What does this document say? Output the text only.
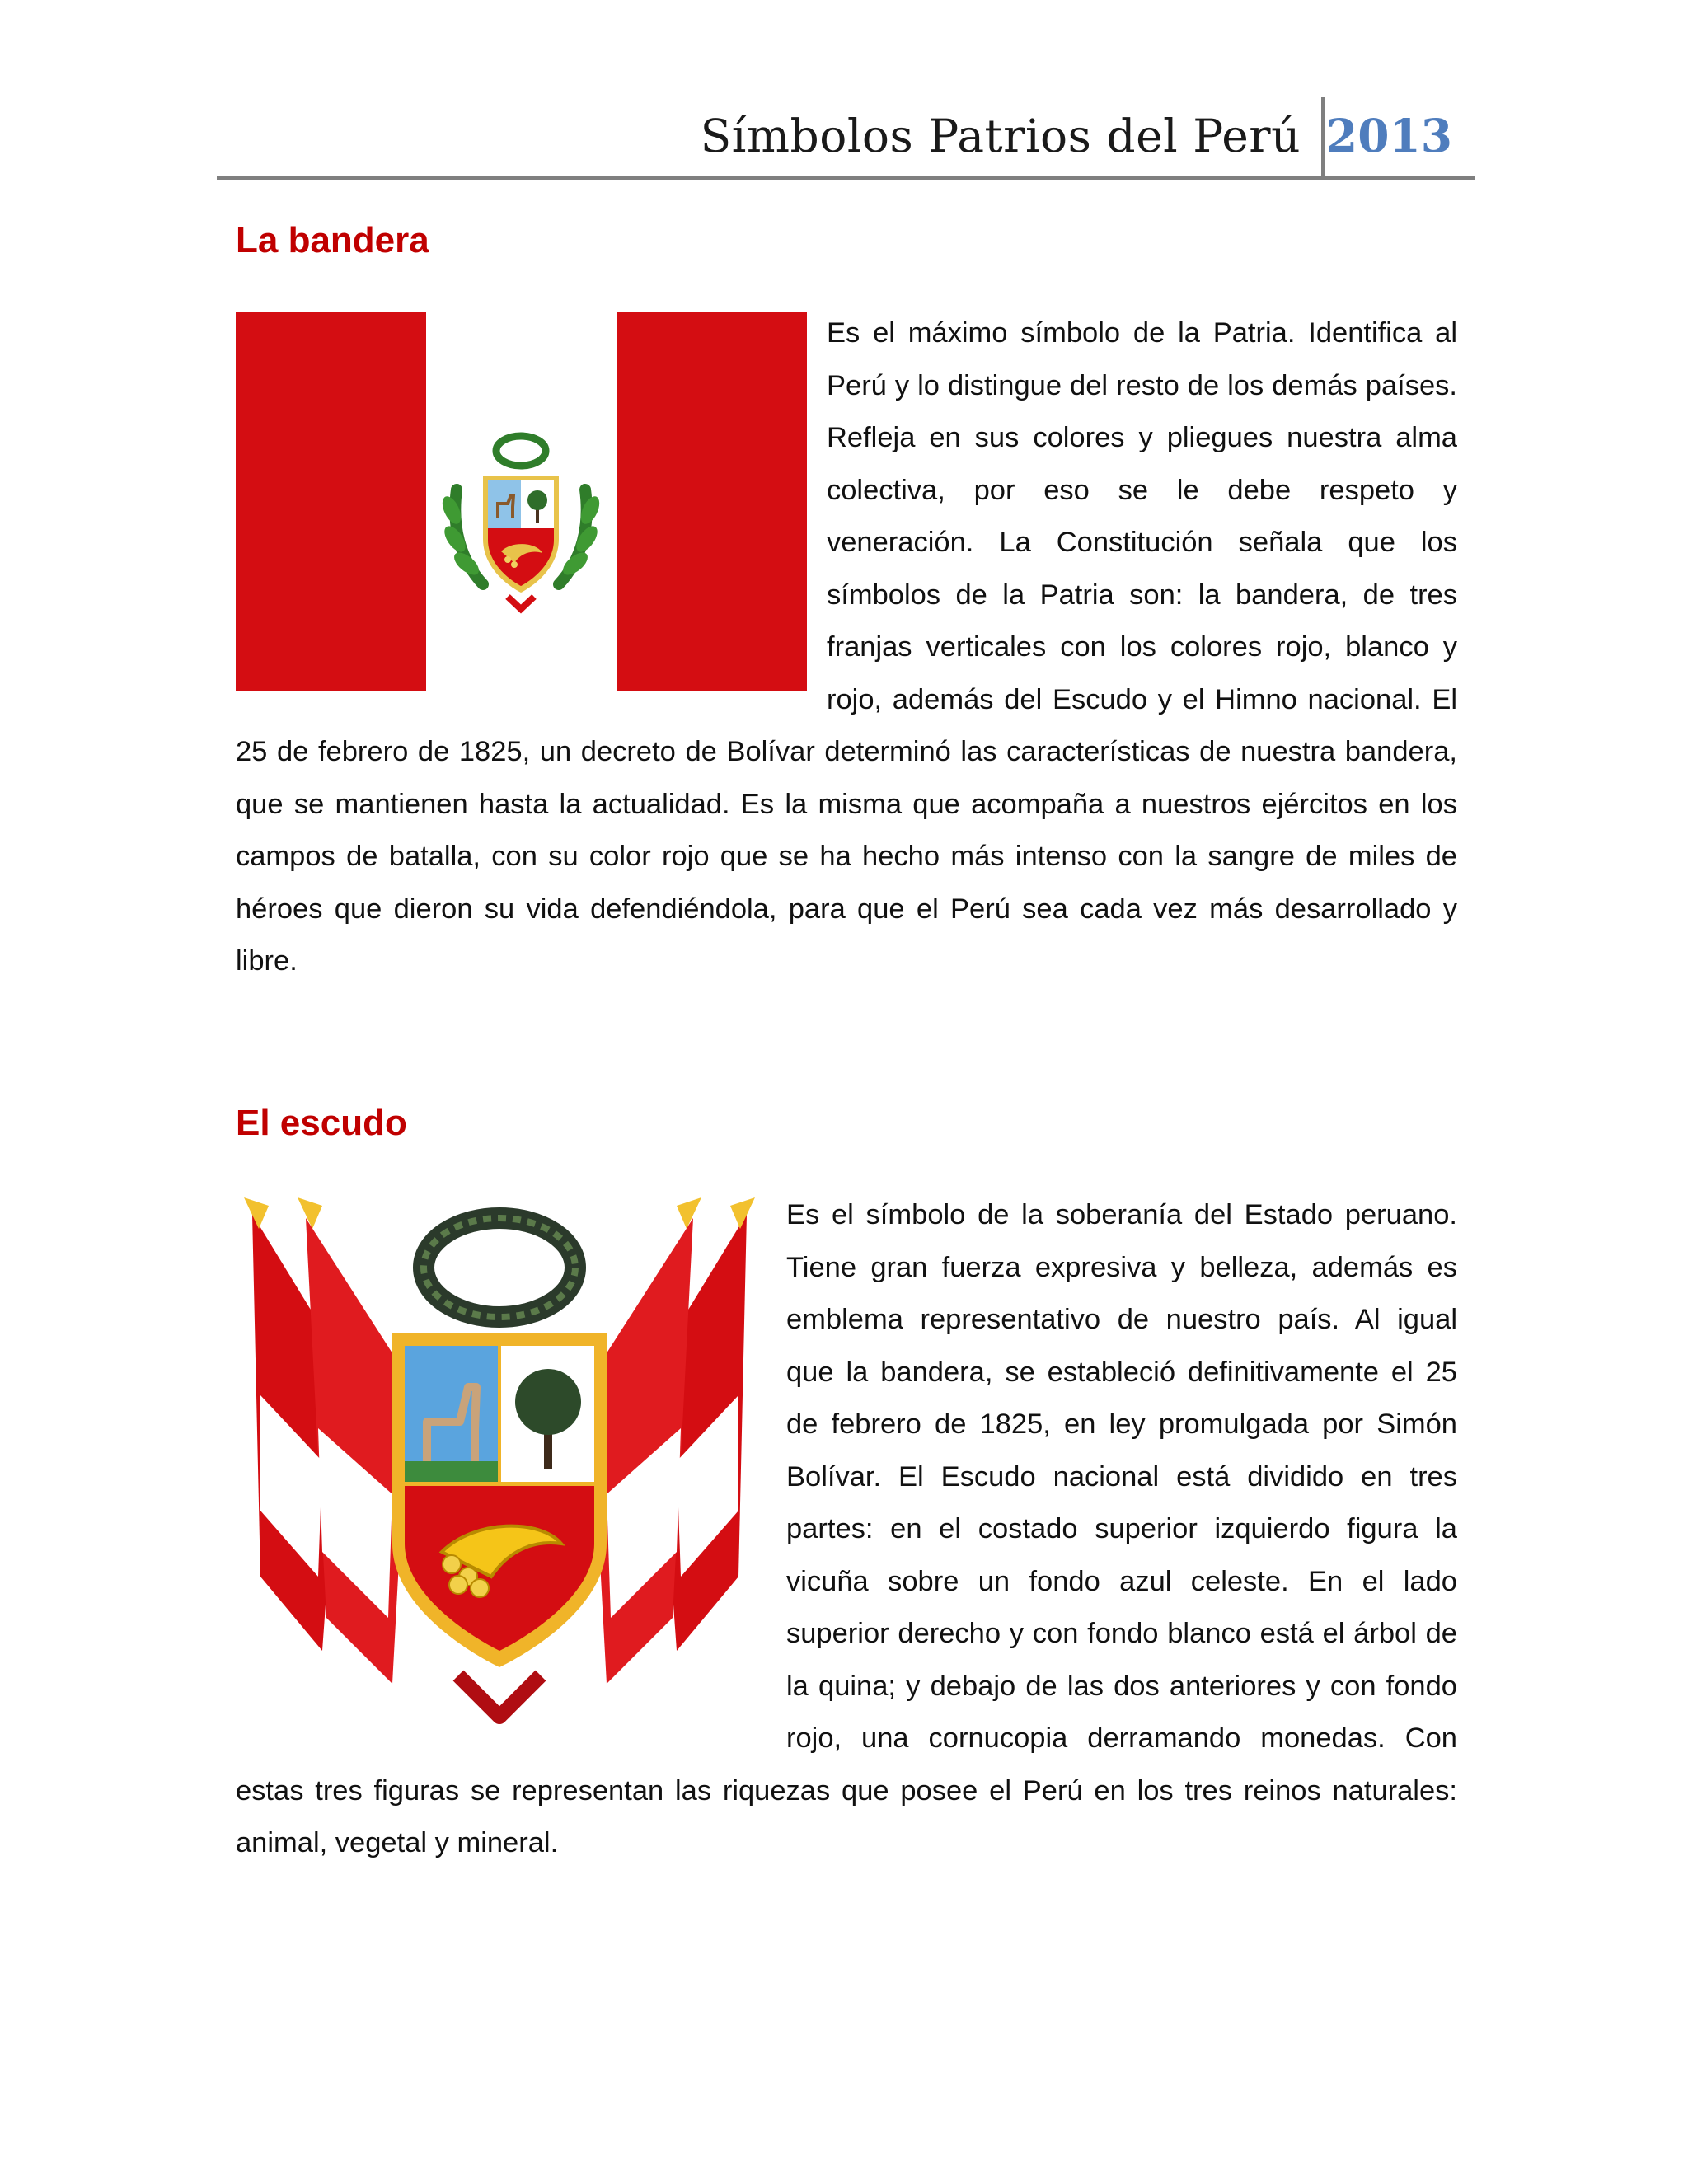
Símbolos Patrios del Perú 2013
La bandera

Es el máximo símbolo de la Patria. Identifica al Perú y lo distingue del resto de los demás países. Refleja en sus colores y pliegues nuestra alma colectiva, por eso se le debe respeto y veneración. La Constitución señala que los símbolos de la Patria son: la bandera, de tres franjas verticales con los colores rojo, blanco y rojo, además del Escudo y el Himno nacional. El 25 de febrero de 1825, un decreto de Bolívar determinó las características de nuestra bandera, que se mantienen hasta la actualidad. Es la misma que acompaña a nuestros ejércitos en los campos de batalla, con su color rojo que se ha hecho más intenso con la sangre de miles de héroes que dieron su vida defendiéndola, para que el Perú sea cada vez más desarrollado y libre.

El escudo

Es el símbolo de la soberanía del Estado peruano. Tiene gran fuerza expresiva y belleza, además es emblema representativo de nuestro país. Al igual que la bandera, se estableció definitivamente el 25 de febrero de 1825, en ley promulgada por Simón Bolívar. El Escudo nacional está dividido en tres partes: en el costado superior izquierdo figura la vicuña sobre un fondo azul celeste. En el lado superior derecho y con fondo blanco está el árbol de la quina; y debajo de las dos anteriores y con fondo rojo, una cornucopia derramando monedas. Con estas tres figuras se representan las riquezas que posee el Perú en los tres reinos naturales: animal, vegetal y mineral.
